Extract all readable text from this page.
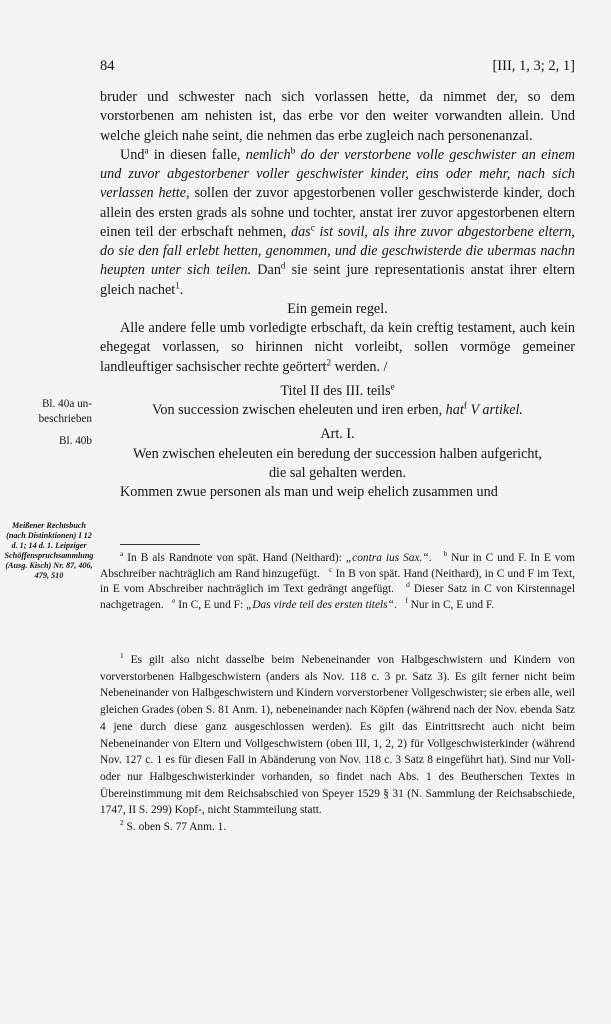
84	[III, 1, 3; 2, 1]

bruder und schwester nach sich vorlassen hette, da nimmet der, so dem vorstorbenen am nehisten ist, das erbe vor den weiter vorwandten allein. Und welche gleich nahe seint, die nehmen das erbe zugleich nach personenanzal.

Und$^a$ in diesen falle, nemlich$^b$ do der verstorbene volle geschwister an einem und zuvor abgestorbener voller geschwister kinder, eins oder mehr, nach sich verlassen hette, sollen der zuvor apgestorbenen voller geschwisterde kinder, doch allein des ersten grads als sohne und tochter, anstat irer zuvor apgestorbenen eltern einen teil der erbschaft nehmen, das$^c$ ist sovil, als ihre zuvor abgestorbene eltern, do sie den fall erlebt hetten, genommen, und die geschwisterde die ubermas nachn heupten unter sich teilen. Dan$^d$ sie seint jure representationis anstat ihrer eltern gleich nachet$^1$.

Ein gemein regel.

Alle andere felle umb vorledigte erbschaft, da kein creftig testament, auch kein ehegegat vorlassen, so hirinnen nicht vorleibt, sollen vormöge gemeiner landleuftiger sachsischer rechte geörtert$^2$ werden. /

Titel II des III. teils$^e$

Von succession zwischen eheleuten und iren erben, hat$^f$ V artikel.

Art. I.

Wen zwischen eheleuten ein beredung der succession halben aufgericht, die sal gehalten werden.

Kommen zwue personen als man und weip ehelich zusammen und

Bl. 40a un-
beschrieben
Bl. 40b
Meißener Rechtsbuch (nach Distinktionen) I 12 d. 1; 14 d. 1. Leipziger Schöffenspruchsammlung (Ausg. Kisch) Nr. 87, 406, 479, 510

$^a$ In B als Randnote von spät. Hand (Neithard): „contra ius Sax.“. $^b$ Nur in C und F. In E vom Abschreiber nachträglich am Rand hinzugefügt. $^c$ In B von spät. Hand (Neithard), in C und F im Text, in E vom Abschreiber nachträglich im Text gedrängt angefügt. $^d$ Dieser Satz in C von Kirstennagel nachgetragen. $^e$ In C, E und F: „Das virde teil des ersten titels“. $^f$ Nur in C, E und F.

$^1$ Es gilt also nicht dasselbe beim Nebeneinander von Halbgeschwistern und Kindern von vorverstorbenen Halbgeschwistern (anders als Nov. 118 c. 3 pr. Satz 3). Es gilt ferner nicht beim Nebeneinander von Halbgeschwistern und Kindern vorverstorbener Vollgeschwister; sie erben alle, weil gleichen Grades (oben S. 81 Anm. 1), nebeneinander nach Köpfen (während nach der Nov. ebenda Satz 4 jene durch diese ganz ausgeschlossen werden). Es gilt das Eintrittsrecht auch nicht beim Nebeneinander von Eltern und Vollgeschwistern (oben III, 1, 2, 2) für Vollgeschwisterkinder (während Nov. 127 c. 1 es für diesen Fall in Abänderung von Nov. 118 c. 3 Satz 8 eingeführt hat). Sind nur Voll- oder nur Halbgeschwisterkinder vorhanden, so findet nach Abs. 1 des Beutherschen Textes in Übereinstimmung mit dem Reichsabschied von Speyer 1529 § 31 (N. Sammlung der Reichsabschiede, 1747, II S. 299) Kopf-, nicht Stammteilung statt.

$^2$ S. oben S. 77 Anm. 1.
